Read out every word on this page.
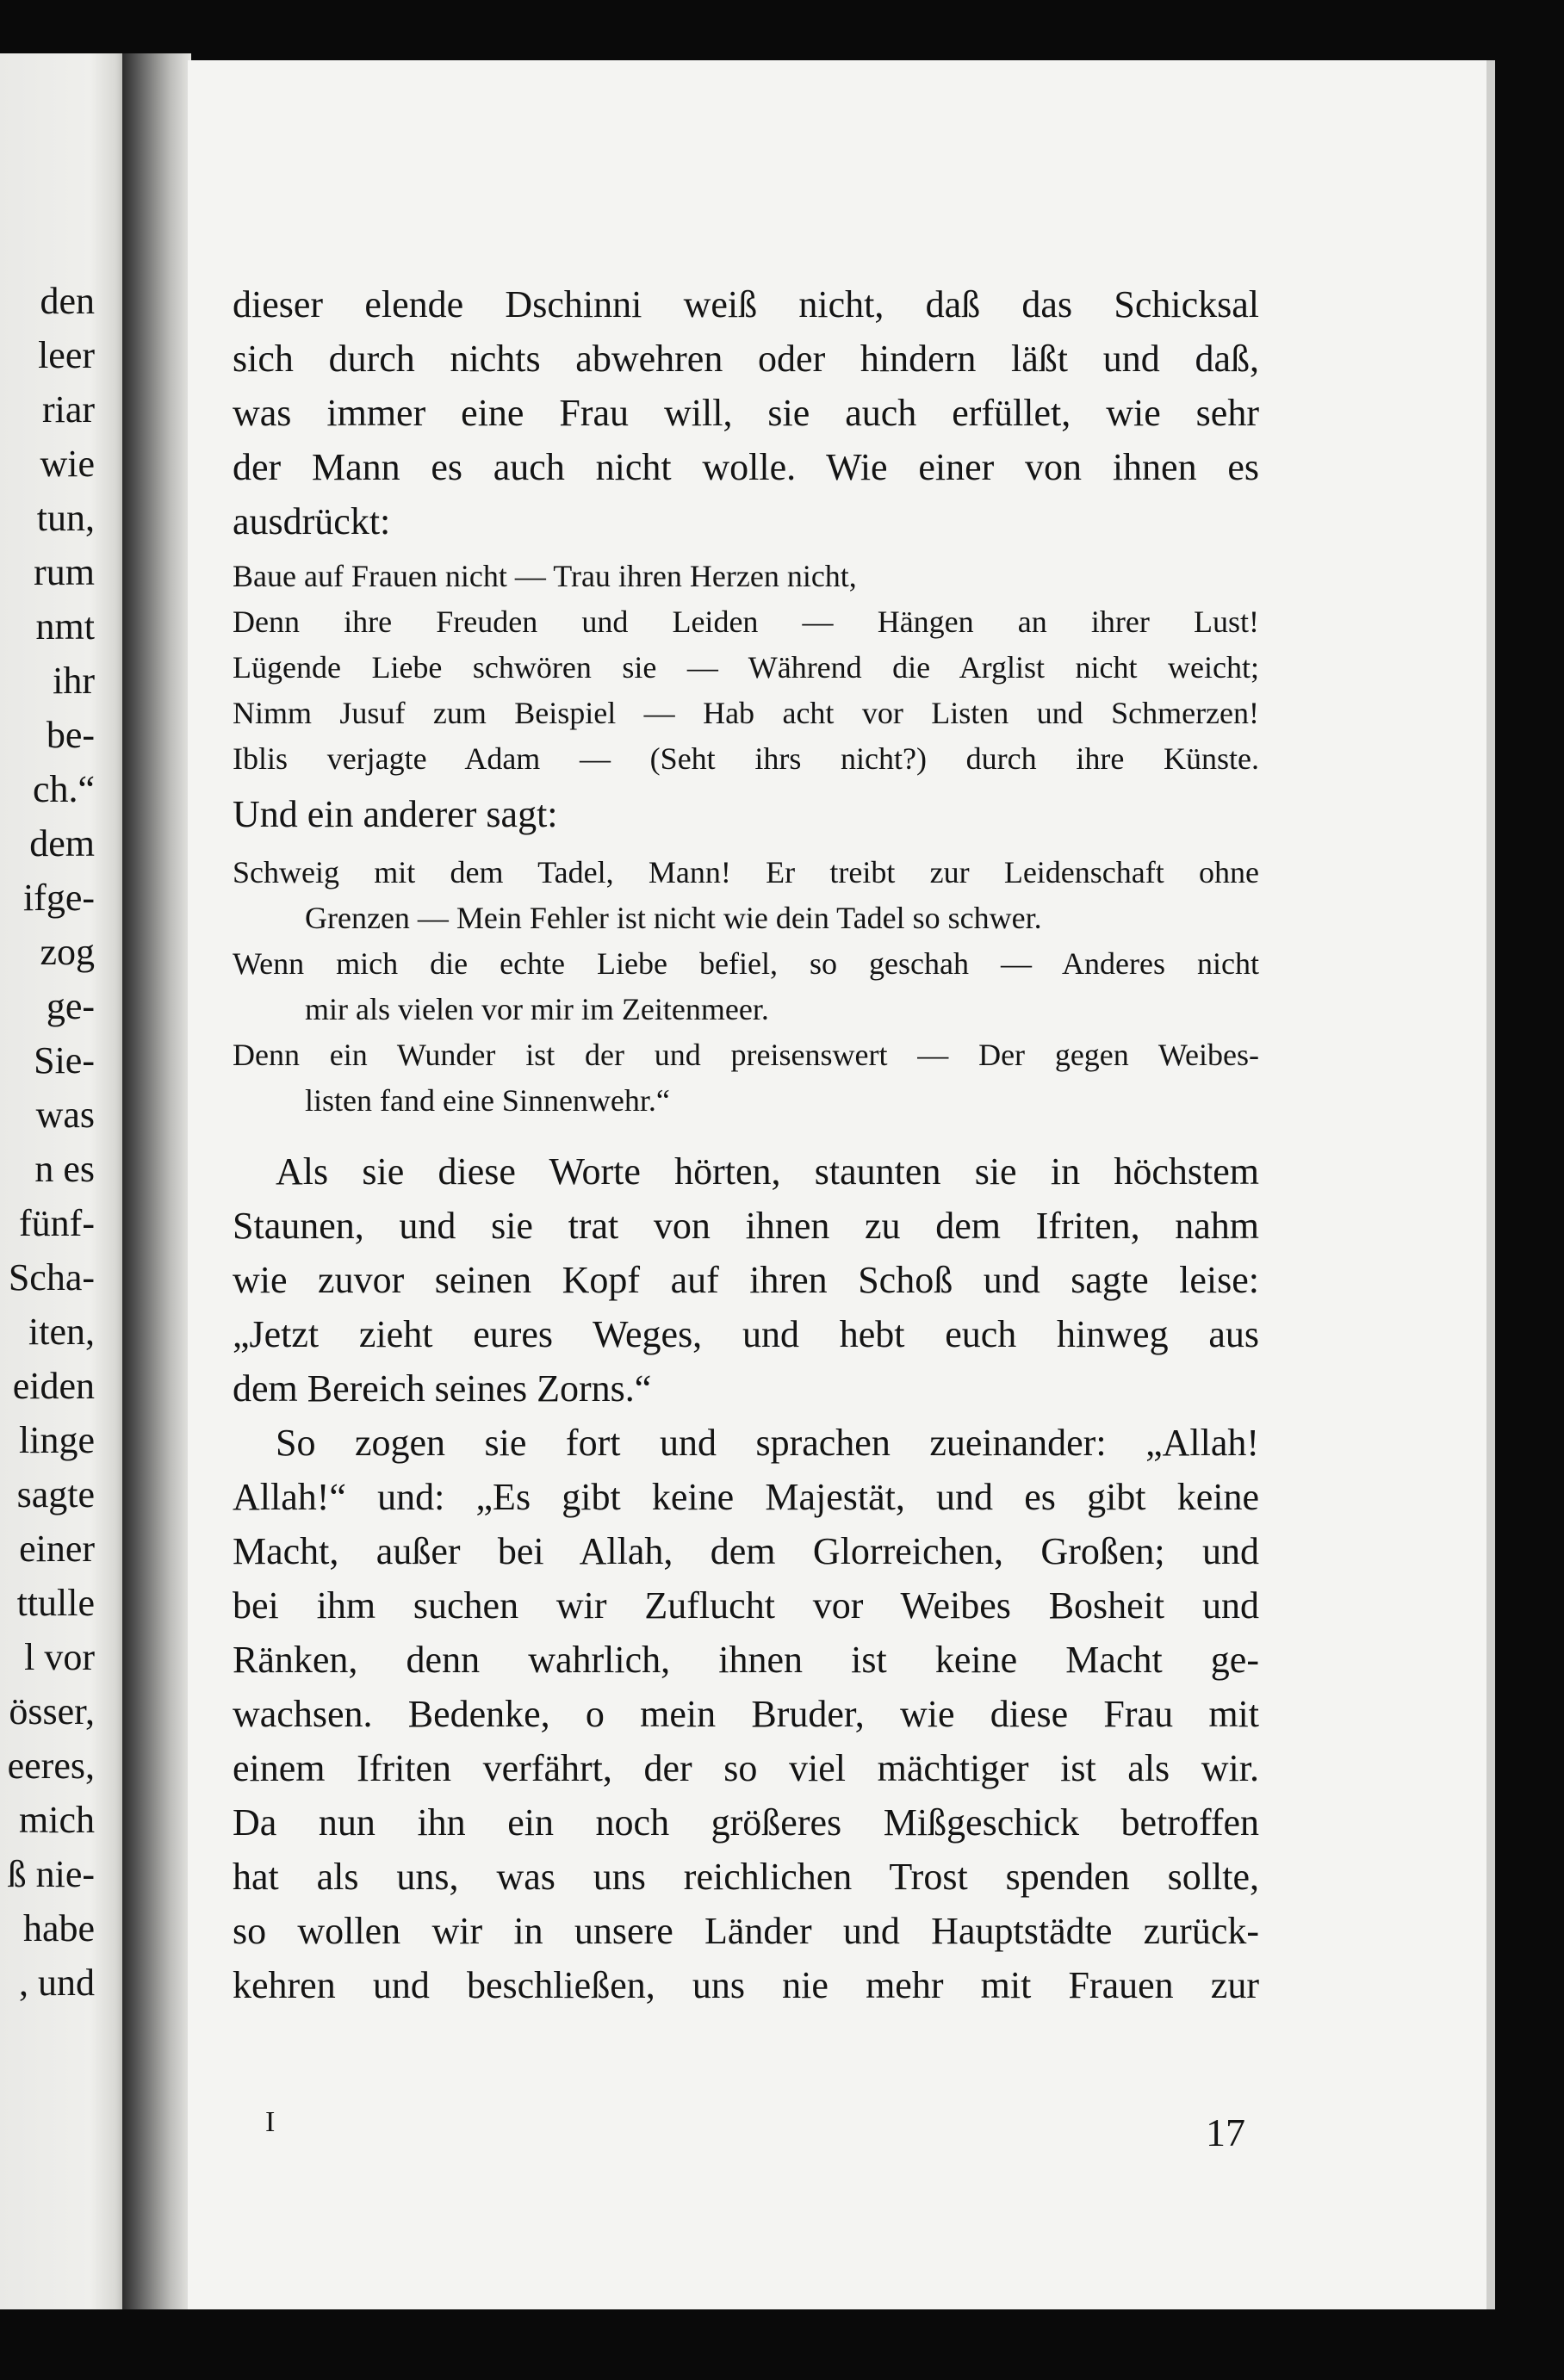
den
leer
riar
wie
tun,
rum
nmt
ihr
be-
ch.“
dem
ifge-
zog
ge-
Sie-
was
n es
fünf-
Scha-
iten,
eiden
linge
sagte
einer
ttulle
l vor
össer,
eeres,
mich
ß nie-
habe
, und

dieser elende Dschinni weiß nicht, daß das Schicksal
sich durch nichts abwehren oder hindern läßt und daß,
was immer eine Frau will, sie auch erfüllet, wie sehr
der Mann es auch nicht wolle. Wie einer von ihnen es
ausdrückt:

Baue auf Frauen nicht — Trau ihren Herzen nicht,
Denn ihre Freuden und Leiden — Hängen an ihrer Lust!
Lügende Liebe schwören sie — Während die Arglist nicht weicht;
Nimm Jusuf zum Beispiel — Hab acht vor Listen und Schmerzen!
Iblis verjagte Adam — (Seht ihrs nicht?) durch ihre Künste.
Und ein anderer sagt:
Schweig mit dem Tadel, Mann! Er treibt zur Leidenschaft ohne
Grenzen — Mein Fehler ist nicht wie dein Tadel so schwer.
Wenn mich die echte Liebe befiel, so geschah — Anderes nicht
mir als vielen vor mir im Zeitenmeer.
Denn ein Wunder ist der und preisenswert — Der gegen Weibes-
listen fand eine Sinnenwehr.“

Als sie diese Worte hörten, staunten sie in höchstem
Staunen, und sie trat von ihnen zu dem Ifriten, nahm
wie zuvor seinen Kopf auf ihren Schoß und sagte leise:
„Jetzt zieht eures Weges, und hebt euch hinweg aus
dem Bereich seines Zorns.“

So zogen sie fort und sprachen zueinander: „Allah!
Allah!“ und: „Es gibt keine Majestät, und es gibt keine
Macht, außer bei Allah, dem Glorreichen, Großen; und
bei ihm suchen wir Zuflucht vor Weibes Bosheit und
Ränken, denn wahrlich, ihnen ist keine Macht ge-
wachsen. Bedenke, o mein Bruder, wie diese Frau mit
einem Ifriten verfährt, der so viel mächtiger ist als wir.
Da nun ihn ein noch größeres Mißgeschick betroffen
hat als uns, was uns reichlichen Trost spenden sollte,
so wollen wir in unsere Länder und Hauptstädte zurück-
kehren und beschließen, uns nie mehr mit Frauen zur

I	17
